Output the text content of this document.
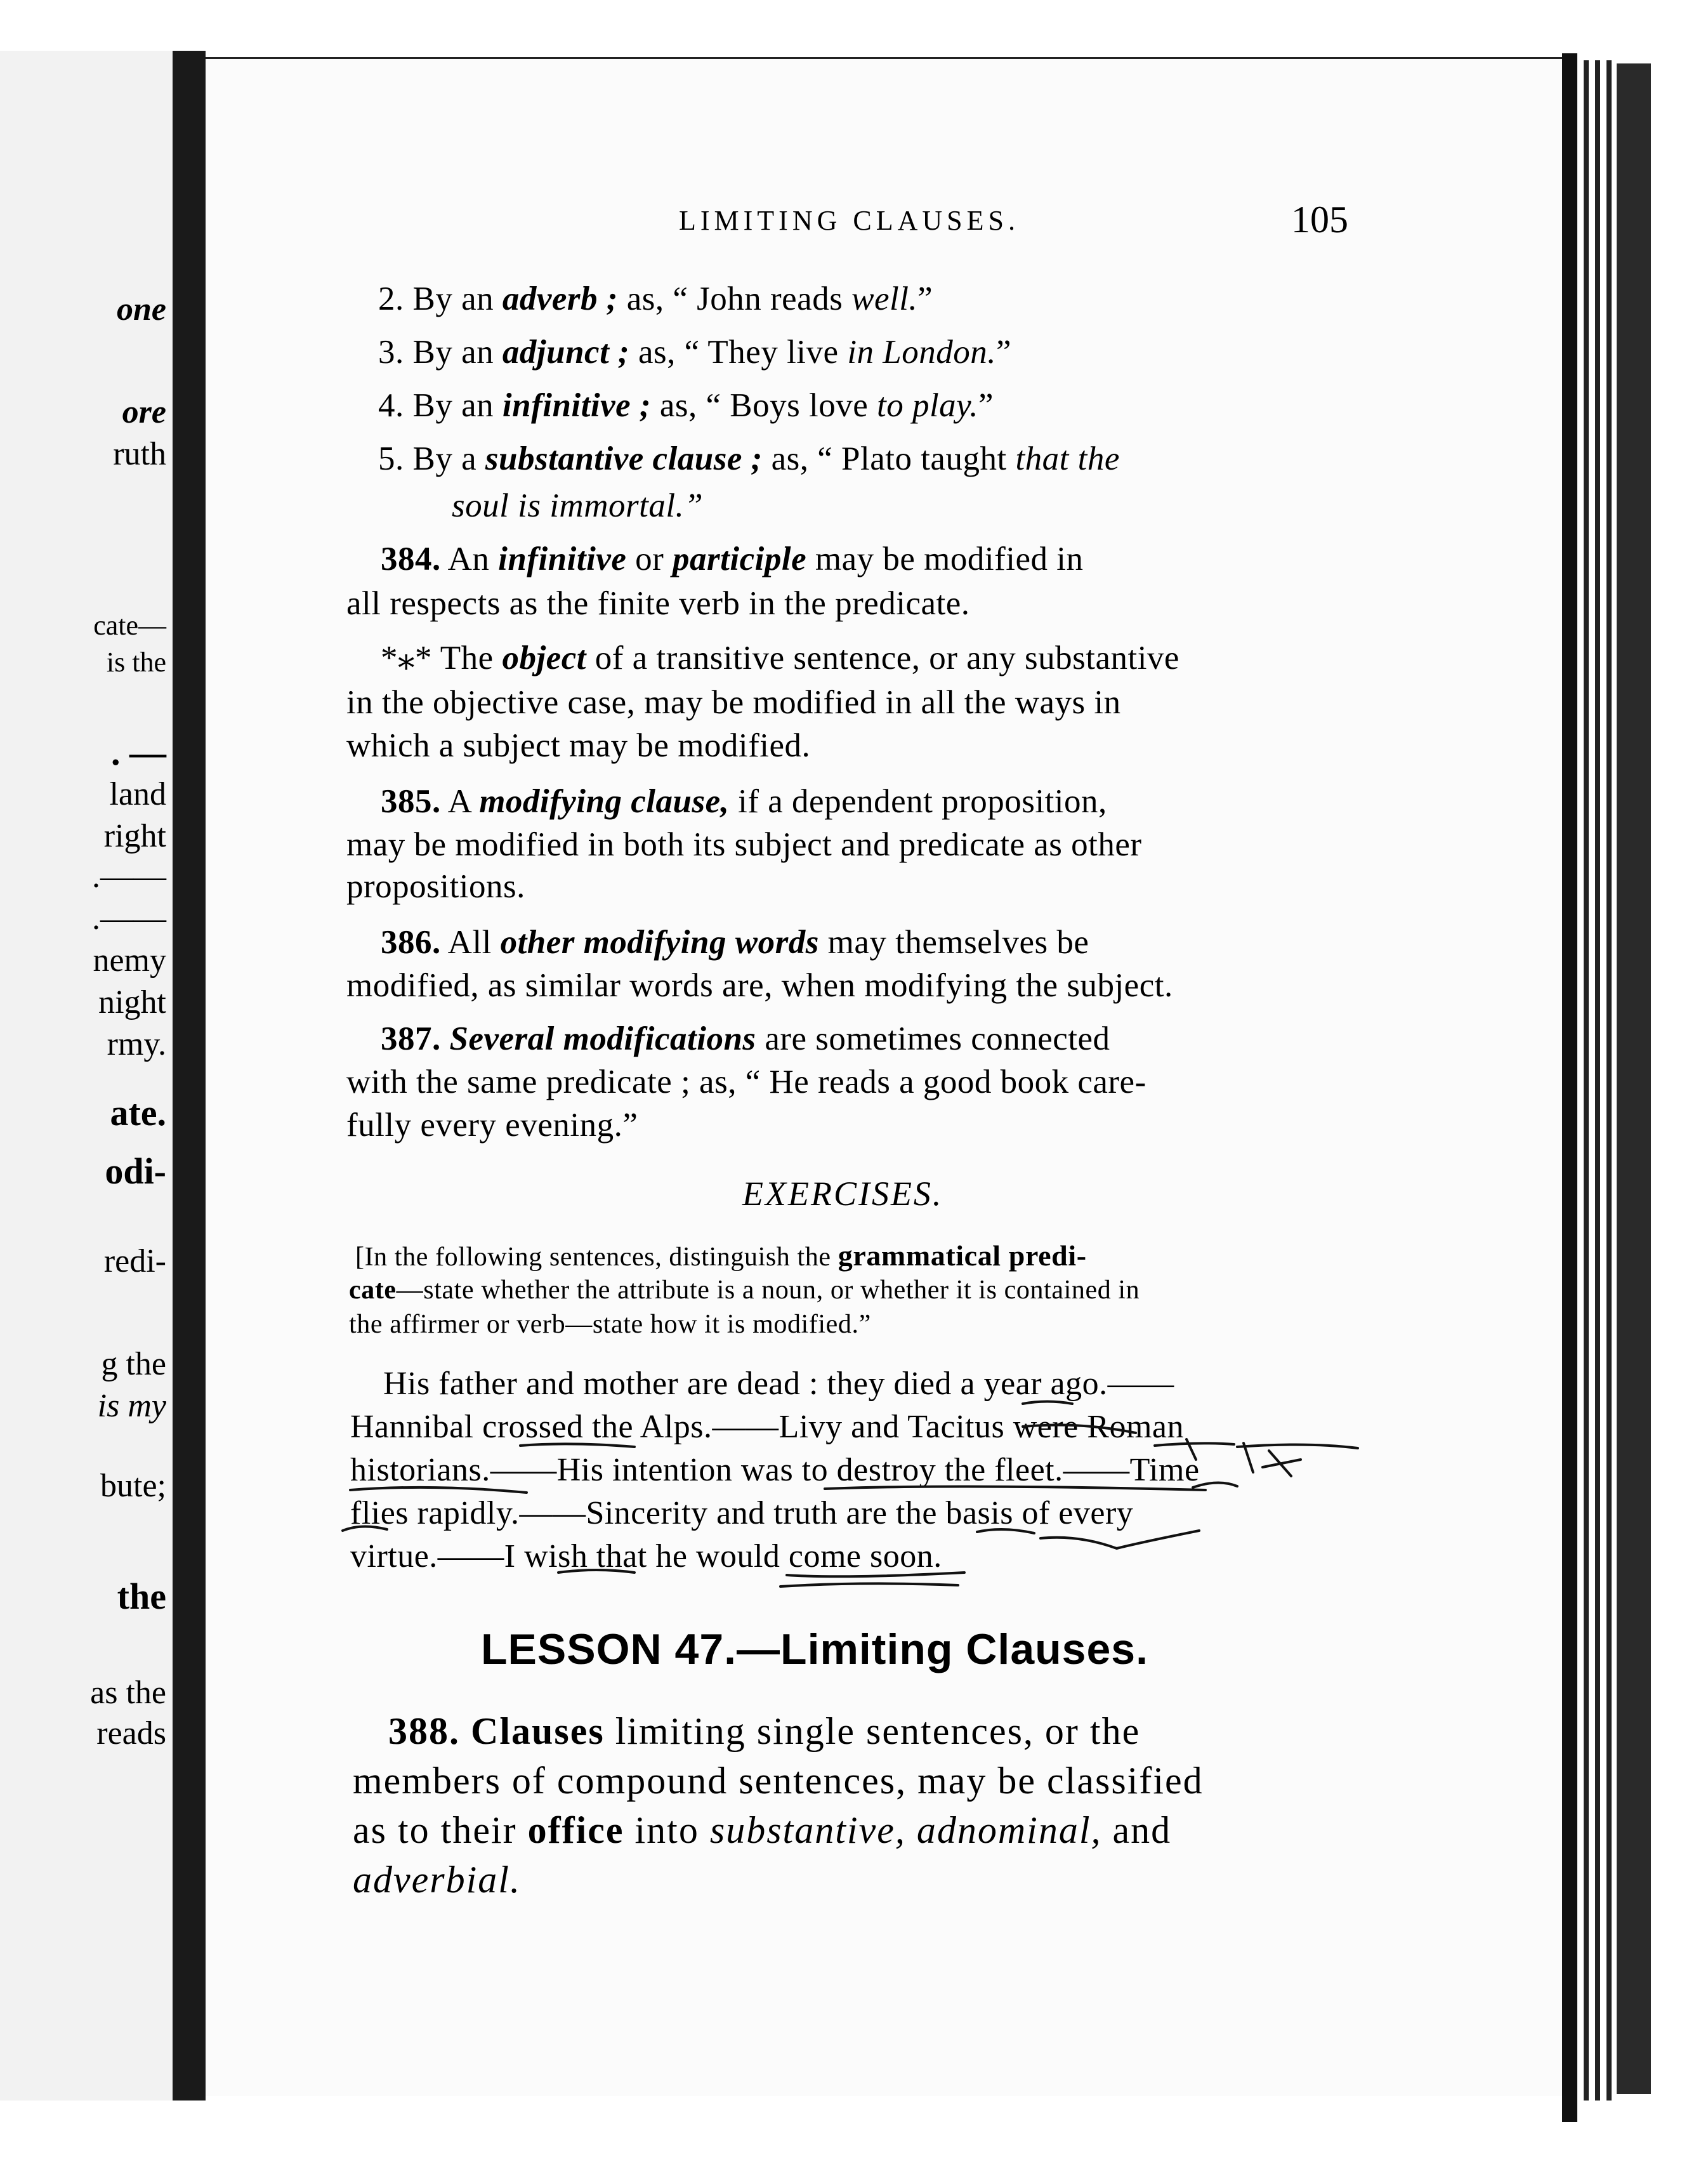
one
ore
ruth
cate—
is the
. —
land
right
.——
.——
nemy
night
rmy.
ate.
odi-
redi-
g the
is my
bute;
the
as the
reads
LIMITING CLAUSES.	105
2. By an adverb ; as, “ John reads well.”
3. By an adjunct ; as, “ They live in London.”
4. By an infinitive ; as, “ Boys love to play.”
5. By a substantive clause ; as, “ Plato taught that the
soul is immortal.”
384. An infinitive or participle may be modified in
all respects as the finite verb in the predicate.
*⁎* The object of a transitive sentence, or any substantive
in the objective case, may be modified in all the ways in
which a subject may be modified.
385. A modifying clause, if a dependent proposition,
may be modified in both its subject and predicate as other
propositions.
386. All other modifying words may themselves be
modified, as similar words are, when modifying the subject.
387. Several modifications are sometimes connected
with the same predicate ; as, “ He reads a good book care-
fully every evening.”
EXERCISES.
[In the following sentences, distinguish the grammatical predi-
cate—state whether the attribute is a noun, or whether it is contained in
the affirmer or verb—state how it is modified.”
His father and mother are dead : they died a year ago.——
Hannibal crossed the Alps.——Livy and Tacitus were Roman
historians.——His intention was to destroy the fleet.——Time
flies rapidly.——Sincerity and truth are the basis of every
virtue.——I wish that he would come soon.
LESSON 47.—Limiting Clauses.
388. Clauses limiting single sentences, or the
members of compound sentences, may be classified
as to their office into substantive, adnominal, and
adverbial.
